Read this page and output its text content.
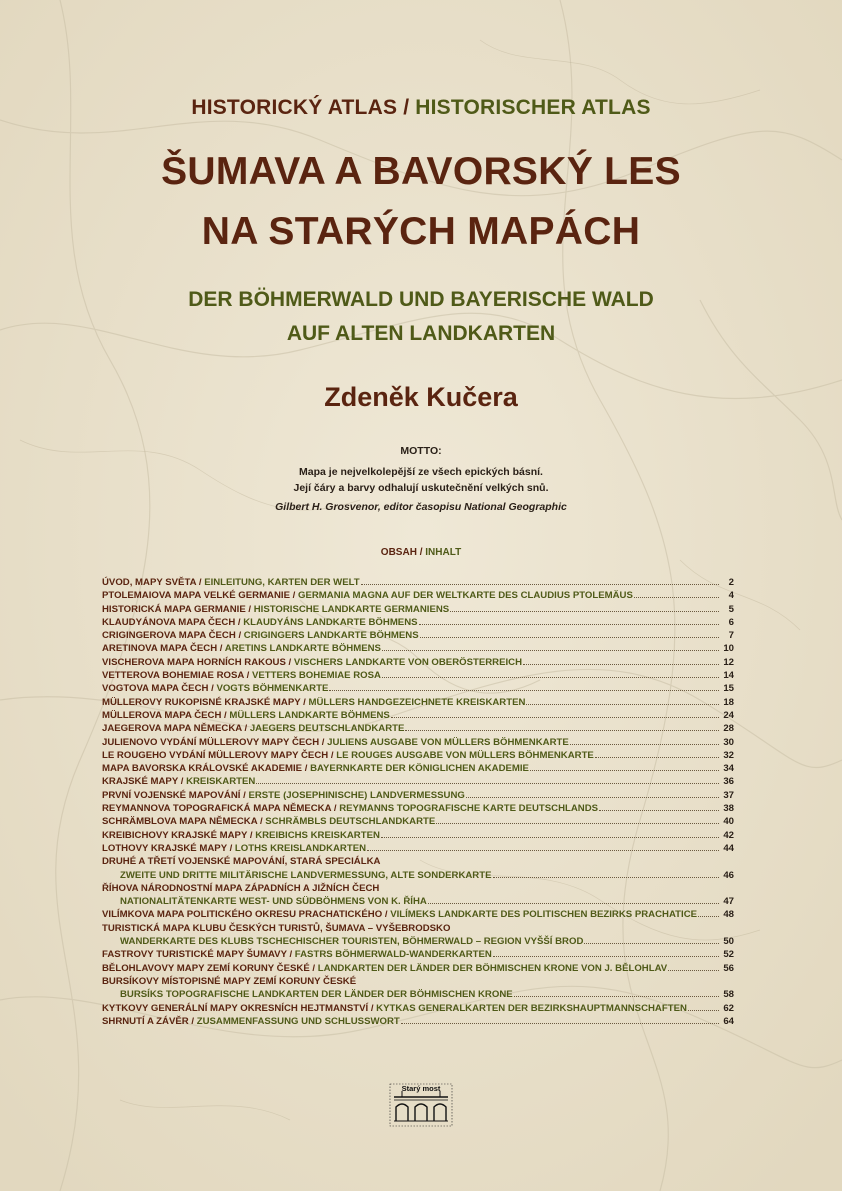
HISTORICKÝ ATLAS / HISTORISCHER ATLAS
ŠUMAVA A BAVORSKÝ LES
NA STARÝCH MAPÁCH
DER BÖHMERWALD UND BAYERISCHE WALD
AUF ALTEN LANDKARTEN
Zdeněk Kučera
MOTTO:
Mapa je nejvelkolepější ze všech epických básní.
Její čáry a barvy odhalují uskutečnění velkých snů.
Gilbert H. Grosvenor, editor časopisu National Geographic
OBSAH / INHALT
ÚVOD, MAPY SVĚTA / EINLEITUNG, KARTEN DER WELT	2
PTOLEMAIOVA MAPA VELKÉ GERMANIE / GERMANIA MAGNA AUF DER WELTKARTE DES CLAUDIUS PTOLEMÄUS	4
HISTORICKÁ MAPA GERMANIE / HISTORISCHE LANDKARTE GERMANIENS	5
KLAUDYÁNOVA MAPA ČECH / KLAUDYÁNS LANDKARTE BÖHMENS	6
CRIGINGEROVA MAPA ČECH / CRIGINGERS LANDKARTE BÖHMENS	7
ARETINOVA MAPA ČECH / ARETINS LANDKARTE BÖHMENS	10
VISCHEROVA MAPA HORNÍCH RAKOUS / VISCHERS LANDKARTE VON OBERÖSTERREICH	12
VETTEROVA BOHEMIAE ROSA / VETTERS BOHEMIAE ROSA	14
VOGTOVA MAPA ČECH / VOGTS BÖHMENKARTE	15
MÜLLEROVY RUKOPISNÉ KRAJSKÉ MAPY / MÜLLERS HANDGEZEICHNETE KREISKARTEN	18
MÜLLEROVA MAPA ČECH / MÜLLERS LANDKARTE BÖHMENS	24
JAEGEROVA MAPA NĚMECKA / JAEGERS DEUTSCHLANDKARTE	28
JULIENOVO VYDÁNÍ MÜLLEROVY MAPY ČECH / JULIENS AUSGABE VON MÜLLERS BÖHMENKARTE	30
LE ROUGEHO VYDÁNÍ MÜLLEROVY MAPY ČECH / LE ROUGES AUSGABE VON MÜLLERS BÖHMENKARTE	32
MAPA BAVORSKA KRÁLOVSKÉ AKADEMIE / BAYERNKARTE DER KÖNIGLICHEN AKADEMIE	34
KRAJSKÉ MAPY / KREISKARTEN	36
PRVNÍ VOJENSKÉ MAPOVÁNÍ / ERSTE (JOSEPHINISCHE) LANDVERMESSUNG	37
REYMANNOVA TOPOGRAFICKÁ MAPA NĚMECKA / REYMANNS TOPOGRAFISCHE KARTE DEUTSCHLANDS	38
SCHRÄMBLOVA MAPA NĚMECKA / SCHRÄMBLS DEUTSCHLANDKARTE	40
KREIBICHOVY KRAJSKÉ MAPY / KREIBICHS KREISKARTEN	42
LOTHOVY KRAJSKÉ MAPY / LOTHS KREISLANDKARTEN	44
DRUHÉ A TŘETÍ VOJENSKÉ MAPOVÁNÍ, STARÁ SPECIÁLKA
ZWEITE UND DRITTE MILITÄRISCHE LANDVERMESSUNG, ALTE SONDERKARTE	46
ŘÍHOVA NÁRODNOSTNÍ MAPA ZÁPADNÍCH A JIŽNÍCH ČECH
NATIONALITÄTENKARTE WEST- UND SÜDBÖHMENS VON K. ŘÍHA	47
VILÍMKOVA MAPA POLITICKÉHO OKRESU PRACHATICKÉHO / VILÍMEKS LANDKARTE DES POLITISCHEN BEZIRKS PRACHATICE	48
TURISTICKÁ MAPA KLUBU ČESKÝCH TURISTŮ, ŠUMAVA – VYŠEBRODSKO
WANDERKARTE DES KLUBS TSCHECHISCHER TOURISTEN, BÖHMERWALD – REGION VYŠŠÍ BROD	50
FASTROVY TURISTICKÉ MAPY ŠUMAVY / FASTRS BÖHMERWALD-WANDERKARTEN	52
BĚLOHLAVOVY MAPY ZEMÍ KORUNY ČESKÉ / LANDKARTEN DER LÄNDER DER BÖHMISCHEN KRONE VON J. BĚLOHLAV	56
BURSÍKOVY MÍSTOPISNÉ MAPY ZEMÍ KORUNY ČESKÉ
BURSÍKS TOPOGRAFISCHE LANDKARTEN DER LÄNDER DER BÖHMISCHEN KRONE	58
KYTKOVY GENERÁLNÍ MAPY OKRESNÍCH HEJTMANSTVÍ / KYTKAS GENERALKARTEN DER BEZIRKSHAUPTMANNSCHAFTEN	62
SHRNUTÍ A ZÁVĚR / ZUSAMMENFASSUNG UND SCHLUSSWORT	64
Starý most
